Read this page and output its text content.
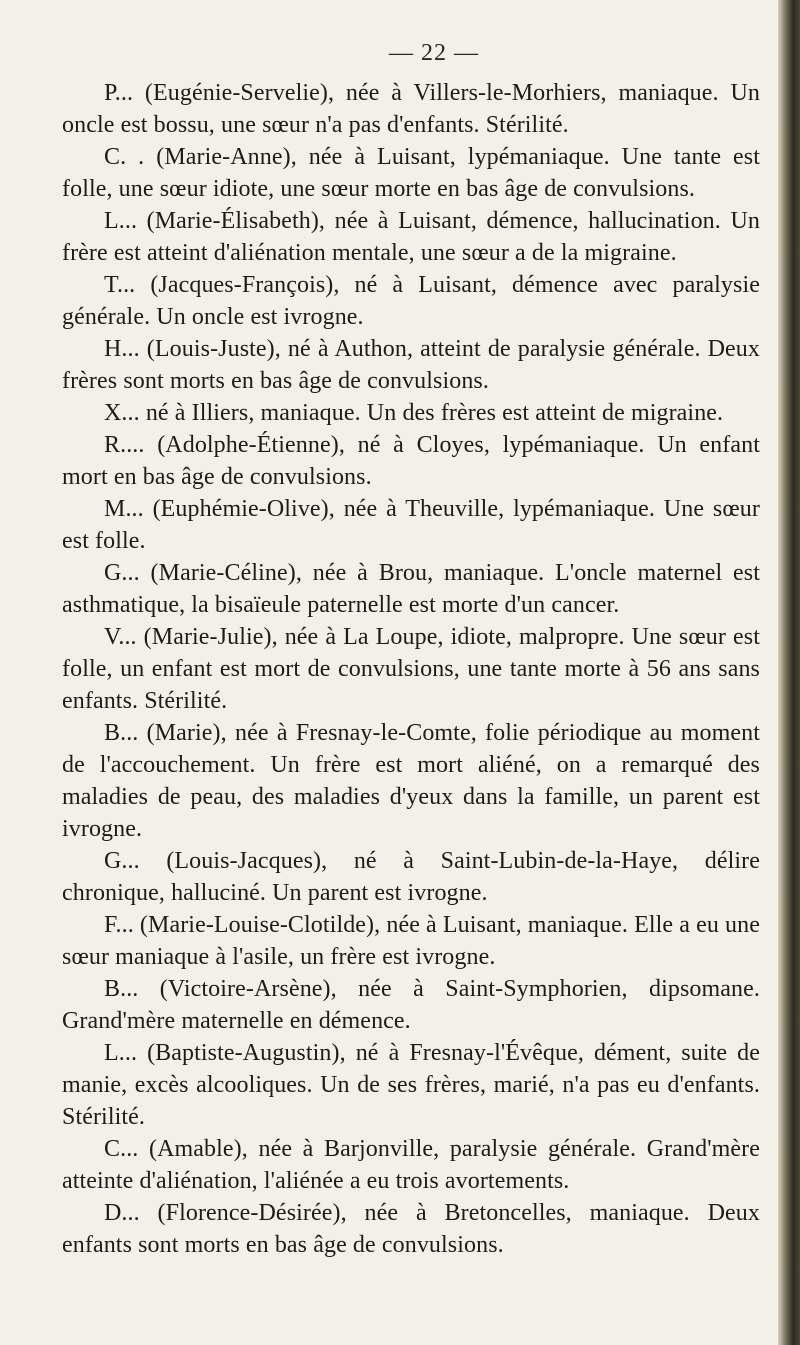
— 22 —

P... (Eugénie-Servelie), née à Villers-le-Morhiers, maniaque. Un oncle est bossu, une sœur n'a pas d'enfants. Stérilité.

C. . (Marie-Anne), née à Luisant, lypémaniaque. Une tante est folle, une sœur idiote, une sœur morte en bas âge de convulsions.

L... (Marie-Élisabeth), née à Luisant, démence, hallucination. Un frère est atteint d'aliénation mentale, une sœur a de la migraine.

T... (Jacques-François), né à Luisant, démence avec paralysie générale. Un oncle est ivrogne.

H... (Louis-Juste), né à Authon, atteint de paralysie générale. Deux frères sont morts en bas âge de convulsions.

X... né à Illiers, maniaque. Un des frères est atteint de migraine.

R.... (Adolphe-Étienne), né à Cloyes, lypémaniaque. Un enfant mort en bas âge de convulsions.

M... (Euphémie-Olive), née à Theuville, lypémaniaque. Une sœur est folle.

G... (Marie-Céline), née à Brou, maniaque. L'oncle maternel est asthmatique, la bisaïeule paternelle est morte d'un cancer.

V... (Marie-Julie), née à La Loupe, idiote, malpropre. Une sœur est folle, un enfant est mort de convulsions, une tante morte à 56 ans sans enfants. Stérilité.

B... (Marie), née à Fresnay-le-Comte, folie périodique au moment de l'accouchement. Un frère est mort aliéné, on a remarqué des maladies de peau, des maladies d'yeux dans la famille, un parent est ivrogne.

G... (Louis-Jacques), né à Saint-Lubin-de-la-Haye, délire chronique, halluciné. Un parent est ivrogne.

F... (Marie-Louise-Clotilde), née à Luisant, maniaque. Elle a eu une sœur maniaque à l'asile, un frère est ivrogne.

B... (Victoire-Arsène), née à Saint-Symphorien, dipsomane. Grand'mère maternelle en démence.

L... (Baptiste-Augustin), né à Fresnay-l'Évêque, dément, suite de manie, excès alcooliques. Un de ses frères, marié, n'a pas eu d'enfants. Stérilité.

C... (Amable), née à Barjonville, paralysie générale. Grand'mère atteinte d'aliénation, l'aliénée a eu trois avortements.

D... (Florence-Désirée), née à Bretoncelles, maniaque. Deux enfants sont morts en bas âge de convulsions.
